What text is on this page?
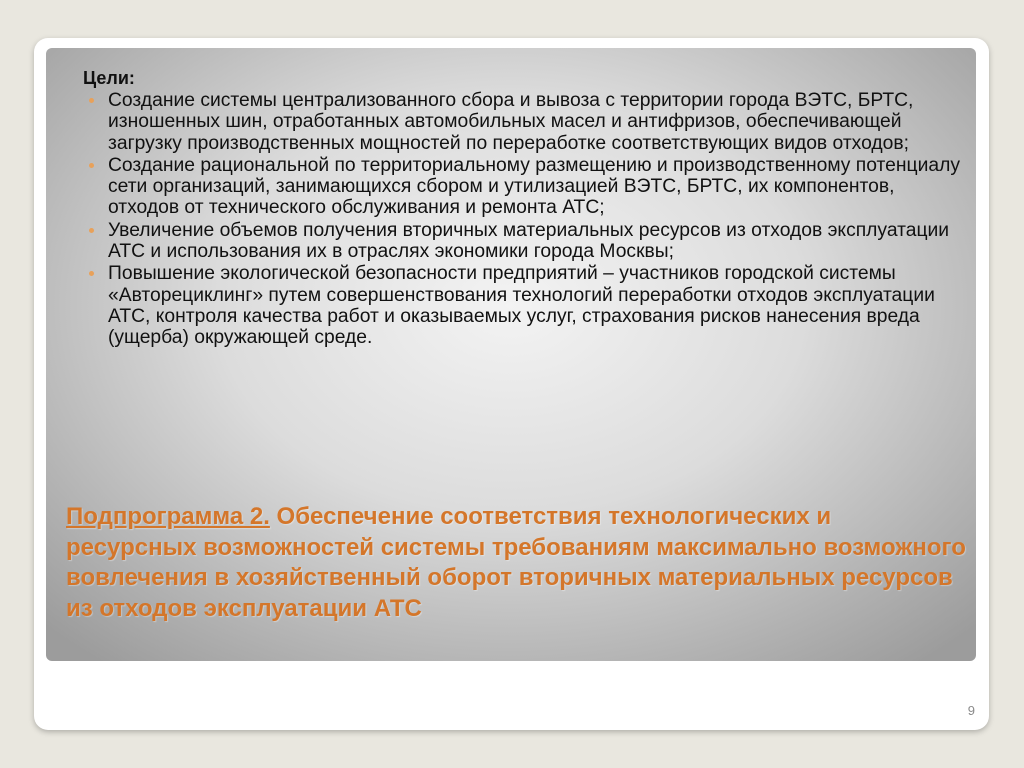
Цели:
Создание системы централизованного сбора и вывоза с территории города ВЭТС, БРТС, изношенных шин, отработанных автомобильных масел и антифризов, обеспечивающей загрузку производственных мощностей по переработке соответствующих видов отходов;
Создание рациональной по территориальному размещению и производственному потенциалу сети организаций, занимающихся сбором и утилизацией ВЭТС, БРТС, их компонентов, отходов от технического обслуживания и ремонта АТС;
Увеличение объемов получения вторичных материальных ресурсов из отходов эксплуатации АТС и использования их в отраслях экономики города Москвы;
Повышение экологической безопасности предприятий – участников городской системы «Авторециклинг» путем совершенствования технологий переработки отходов эксплуатации АТС, контроля качества работ и оказываемых услуг, страхования рисков нанесения вреда (ущерба) окружающей среде.
Подпрограмма 2. Обеспечение соответствия технологических и ресурсных возможностей системы требованиям максимально возможного вовлечения в хозяйственный оборот вторичных материальных ресурсов из отходов эксплуатации АТС
9
